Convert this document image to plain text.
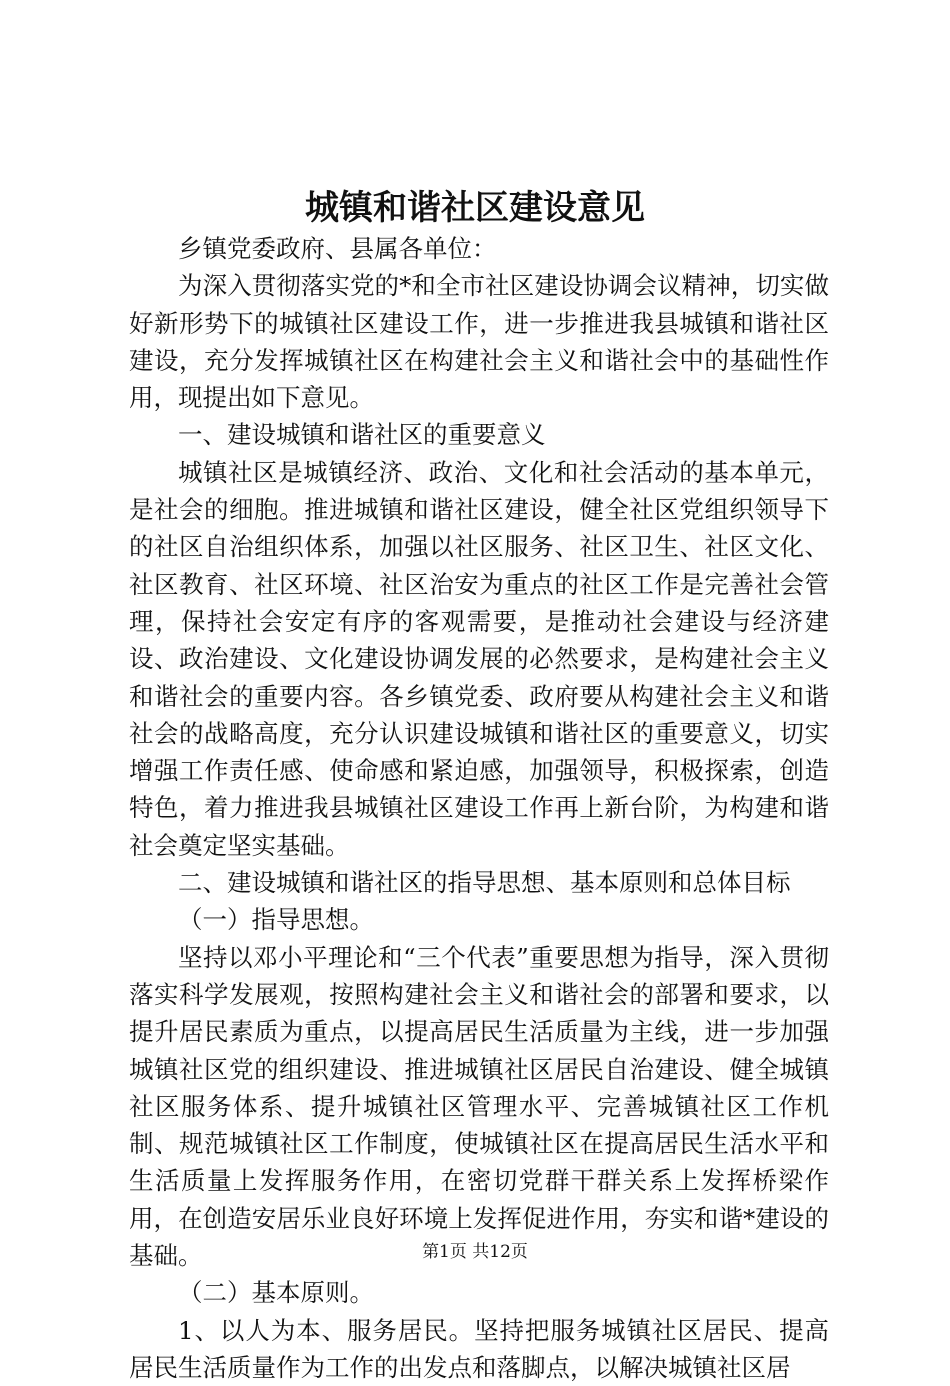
城镇和谐社区建设意见

乡镇党委政府、县属各单位：

为深入贯彻落实党的*和全市社区建设协调会议精神，切实做好新形势下的城镇社区建设工作，进一步推进我县城镇和谐社区建设，充分发挥城镇社区在构建社会主义和谐社会中的基础性作用，现提出如下意见。

一、建设城镇和谐社区的重要意义

城镇社区是城镇经济、政治、文化和社会活动的基本单元，是社会的细胞。推进城镇和谐社区建设，健全社区党组织领导下的社区自治组织体系，加强以社区服务、社区卫生、社区文化、社区教育、社区环境、社区治安为重点的社区工作是完善社会管理，保持社会安定有序的客观需要，是推动社会建设与经济建设、政治建设、文化建设协调发展的必然要求，是构建社会主义和谐社会的重要内容。各乡镇党委、政府要从构建社会主义和谐社会的战略高度，充分认识建设城镇和谐社区的重要意义，切实增强工作责任感、使命感和紧迫感，加强领导，积极探索，创造特色，着力推进我县城镇社区建设工作再上新台阶，为构建和谐社会奠定坚实基础。

二、建设城镇和谐社区的指导思想、基本原则和总体目标

（一）指导思想。

坚持以邓小平理论和“三个代表”重要思想为指导，深入贯彻落实科学发展观，按照构建社会主义和谐社会的部署和要求，以提升居民素质为重点，以提高居民生活质量为主线，进一步加强城镇社区党的组织建设、推进城镇社区居民自治建设、健全城镇社区服务体系、提升城镇社区管理水平、完善城镇社区工作机制、规范城镇社区工作制度，使城镇社区在提高居民生活水平和生活质量上发挥服务作用，在密切党群干群关系上发挥桥梁作用，在创造安居乐业良好环境上发挥促进作用，夯实和谐*建设的基础。

（二）基本原则。

1、以人为本、服务居民。坚持把服务城镇社区居民、提高居民生活质量作为工作的出发点和落脚点，以解决城镇社区居

第1页 共12页
